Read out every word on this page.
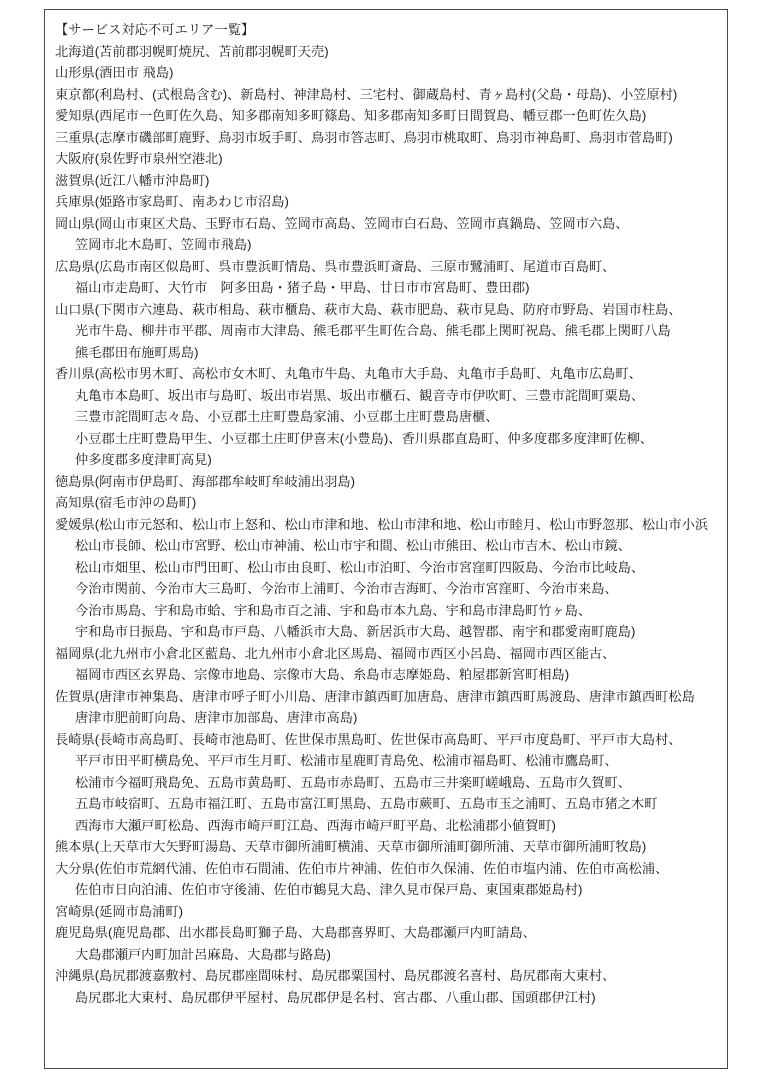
【サービス対応不可エリア一覧】
北海道(苫前郡羽幌町焼尻、苫前郡羽幌町天売)
山形県(酒田市 飛島)
東京都(利島村、(式根島含む)、新島村、神津島村、三宅村、御蔵島村、青ヶ島村(父島・母島)、小笠原村)
愛知県(西尾市一色町佐久島、知多郡南知多町篠島、知多郡南知多町日間賀島、幡豆郡一色町佐久島)
三重県(志摩市磯部町鹿野、鳥羽市坂手町、鳥羽市答志町、鳥羽市桃取町、鳥羽市神島町、鳥羽市菅島町)
大阪府(泉佐野市泉州空港北)
滋賀県(近江八幡市沖島町)
兵庫県(姫路市家島町、南あわじ市沼島)
岡山県(岡山市東区犬島、玉野市石島、笠岡市高島、笠岡市白石島、笠岡市真鍋島、笠岡市六島、
笠岡市北木島町、笠岡市飛島)
広島県(広島市南区似島町、呉市豊浜町情島、呉市豊浜町斎島、三原市鷺浦町、尾道市百島町、
福山市走島町、大竹市　阿多田島・猪子島・甲島、廿日市市宮島町、豊田郡)
山口県(下関市六連島、萩市相島、萩市櫃島、萩市大島、萩市肥島、萩市見島、防府市野島、岩国市柱島、
光市牛島、柳井市平郡、周南市大津島、熊毛郡平生町佐合島、熊毛郡上関町祝島、熊毛郡上関町八島
熊毛郡田布施町馬島)
香川県(高松市男木町、高松市女木町、丸亀市牛島、丸亀市大手島、丸亀市手島町、丸亀市広島町、
丸亀市本島町、坂出市与島町、坂出市岩黒、坂出市櫃石、観音寺市伊吹町、三豊市詫間町粟島、
三豊市詫間町志々島、小豆郡土庄町豊島家浦、小豆郡土庄町豊島唐櫃、
小豆郡土庄町豊島甲生、小豆郡土庄町伊喜末(小豊島)、香川県郡直島町、仲多度郡多度津町佐柳、
仲多度郡多度津町高見)
徳島県(阿南市伊島町、海部郡牟岐町牟岐浦出羽島)
高知県(宿毛市沖の島町)
愛媛県(松山市元怒和、松山市上怒和、松山市津和地、松山市津和地、松山市睦月、松山市野忽那、松山市小浜
松山市長師、松山市宮野、松山市神浦、松山市宇和間、松山市熊田、松山市吉木、松山市鏡、
松山市畑里、松山市門田町、松山市由良町、松山市泊町、今治市宮窪町四阪島、今治市比岐島、
今治市関前、今治市大三島町、今治市上浦町、今治市吉海町、今治市宮窪町、今治市来島、
今治市馬島、宇和島市蛤、宇和島市百之浦、宇和島市本九島、宇和島市津島町竹ヶ島、
宇和島市日振島、宇和島市戸島、八幡浜市大島、新居浜市大島、越智郡、南宇和郡愛南町鹿島)
福岡県(北九州市小倉北区藍島、北九州市小倉北区馬島、福岡市西区小呂島、福岡市西区能古、
福岡市西区玄界島、宗像市地島、宗像市大島、糸島市志摩姫島、粕屋郡新宮町相島)
佐賀県(唐津市神集島、唐津市呼子町小川島、唐津市鎮西町加唐島、唐津市鎮西町馬渡島、唐津市鎮西町松島
唐津市肥前町向島、唐津市加部島、唐津市高島)
長崎県(長崎市高島町、長崎市池島町、佐世保市黒島町、佐世保市高島町、平戸市度島町、平戸市大島村、
平戸市田平町横島免、平戸市生月町、松浦市星鹿町青島免、松浦市福島町、松浦市鷹島町、
松浦市今福町飛島免、五島市黄島町、五島市赤島町、五島市三井楽町嵯峨島、五島市久賀町、
五島市岐宿町、五島市福江町、五島市富江町黒島、五島市蕨町、五島市玉之浦町、五島市猪之木町
西海市大瀬戸町松島、西海市崎戸町江島、西海市崎戸町平島、北松浦郡小値賀町)
熊本県(上天草市大矢野町湯島、天草市御所浦町横浦、天草市御所浦町御所浦、天草市御所浦町牧島)
大分県(佐伯市荒網代浦、佐伯市石間浦、佐伯市片神浦、佐伯市久保浦、佐伯市塩内浦、佐伯市高松浦、
佐伯市日向泊浦、佐伯市守後浦、佐伯市鶴見大島、津久見市保戸島、東国東郡姫島村)
宮崎県(延岡市島浦町)
鹿児島県(鹿児島郡、出水郡長島町獅子島、大島郡喜界町、大島郡瀬戸内町請島、
大島郡瀬戸内町加計呂麻島、大島郡与路島)
沖縄県(島尻郡渡嘉敷村、島尻郡座間味村、島尻郡粟国村、島尻郡渡名喜村、島尻郡南大東村、
島尻郡北大東村、島尻郡伊平屋村、島尻郡伊是名村、宮古郡、八重山郡、国頭郡伊江村)
